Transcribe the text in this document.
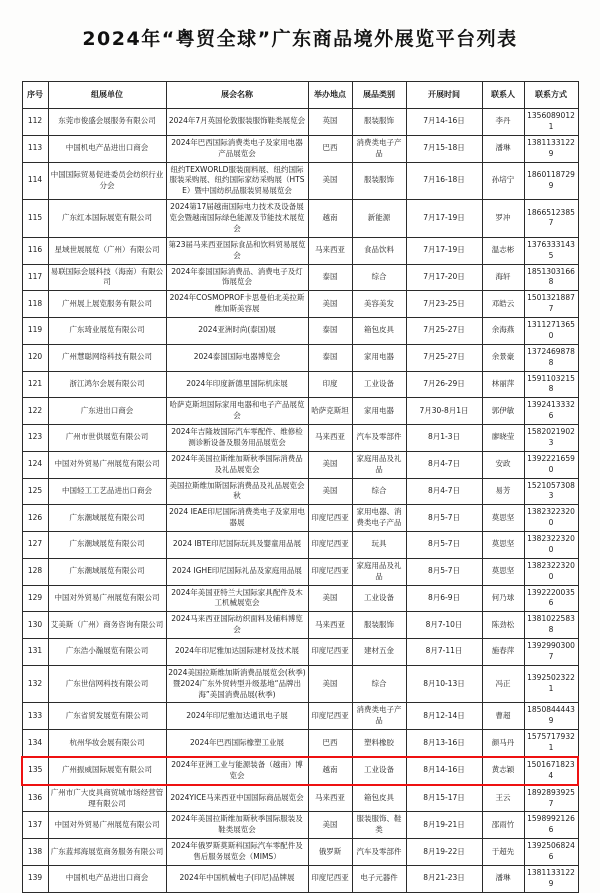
2024年“粤贸全球”广东商品境外展览平台列表
序号	组展单位	展会名称	举办地点	展品类别	开展时间	联系人	联系方式
112	东莞市俊盛会展服务有限公司	2024年7月英国伦敦服装服饰鞋类展览会	英国	服装服饰	7月14-16日	李丹	13560890121
113	中国机电产品进出口商会	2024年巴西国际消费类电子及家用电器产品展览会	巴西	消费类电子产品	7月15-18日	潘琳	13811331229
114	中国国际贸易促进委员会纺织行业分会	纽约TEXWORLD服装面料展、纽约国际服装采购展、纽约国际家纺采购展（HTSE）暨中国纺织品服装贸易展览会	美国	服装服饰	7月16-18日	孙培宁	18601187299
115	广东红本国际展览有限公司	2024第17届越南国际电力技术及设备展览会暨越南国际绿色能源及节能技术展览会	越南	新能源	7月17-19日	罗冲	18665123857
116	星域世展展览（广州）有限公司	第23届马来西亚国际食品和饮料贸易展览会	马来西亚	食品饮料	7月17-19日	温志彬	13763331435
117	易联国际会展科技（海南）有限公司	2024年泰国国际消费品、消费电子及灯饰展览会	泰国	综合	7月17-20日	海轩	18513031668
118	广州展上展览服务有限公司	2024年COSMOPROF卡思曼伯北美拉斯维加斯美容展	美国	美容美发	7月23-25日	邓皓云	15013218877
119	广东琦业展览有限公司	2024亚洲时尚(泰国)展	泰国	箱包皮具	7月25-27日	余海燕	13112713650
120	广州慧聪网络科技有限公司	2024泰国国际电器博览会	泰国	家用电器	7月25-27日	余景豪	13724698788
121	浙江鸿尔会展有限公司	2024年印度新德里国际机床展	印度	工业设备	7月26-29日	林丽萍	15911032158
122	广东进出口商会	哈萨克斯坦国际家用电器和电子产品展览会	哈萨克斯坦	家用电器	7月30-8月1日	郭伊敏	13924133326
123	广州市世供展览有限公司	2024年吉隆坡国际汽车零配件、维修检测诊断设备及服务用品展览会	马来西亚	汽车及零部件	8月1-3日	廖晓莹	15820219023
124	中国对外贸易广州展览有限公司	2024年美国拉斯维加斯秋季国际消费品及礼品展览会	美国	家庭用品及礼品	8月4-7日	安政	13922216590
125	中国轻工工艺品进出口商会	美国拉斯维加斯国际消费品及礼品展览会秋	美国	综合	8月4-7日	易芳	15210573083
126	广东潮域展览有限公司	2024 IEAE印尼国际消费类电子及家用电器展	印度尼西亚	家用电器、消费类电子产品	8月5-7日	莫思坚	13823223200
127	广东潮域展览有限公司	2024 IBTE印尼国际玩具及婴童用品展	印度尼西亚	玩具	8月5-7日	莫思坚	13823223200
128	广东潮域展览有限公司	2024 IGHE印尼国际礼品及家庭用品展	印度尼西亚	家庭用品及礼品	8月5-7日	莫思坚	13823223200
129	中国对外贸易广州展览有限公司	2024年美国亚特兰大国际家具配件及木工机械展览会	美国	工业设备	8月6-9日	何乃球	13922200356
130	艾美斯（广州）商务咨询有限公司	2024马来西亚国际纺织面料及辅料博览会	马来西亚	服装服饰	8月7-10日	陈劲松	13810225838
131	广东浩小瀚展览有限公司	2024年印尼雅加达国际建材及技术展	印度尼西亚	建材五金	8月7-11日	施春萍	13929903007
132	广东世信网科技有限公司	2024美国拉斯维加斯消费品展览会(秋季)暨2024广东外贸转型升级基地“品牌出海”美国消费品展(秋季)	美国	综合	8月10-13日	冯正	13925023221
133	广东省贸发展览有限公司	2024年印尼雅加达通讯电子展	印度尼西亚	消费类电子产品	8月12-14日	曹超	18508444439
134	杭州华妆会展有限公司	2024年巴西国际橡塑工业展	巴西	塑料橡胶	8月13-16日	颜马丹	15757179321
135	广州振威国际展览有限公司	2024年亚洲工业与能源装备（越南）博览会	越南	工业设备	8月14-16日	黄志颖	15016718234
136	广州市广大皮具商贸城市场经营管理有限公司	2024YICE马来西亚中国国际商品展览会	马来西亚	箱包皮具	8月15-17日	王云	18928939257
137	中国对外贸易广州展览有限公司	2024年美国拉斯维加斯秋季国际服装及鞋类展览会	美国	服装服饰、鞋类	8月19-21日	邵雨竹	15989921266
138	广东蓝邦海展览商务服务有限公司	2024年俄罗斯莫斯科国际汽车零配件及售后服务展览会（MIMS）	俄罗斯	汽车及零部件	8月19-22日	于超先	13925068246
139	中国机电产品进出口商会	2024年中国机械电子(印尼)品牌展	印度尼西亚	电子元器件	8月21-23日	潘琳	13811331229
